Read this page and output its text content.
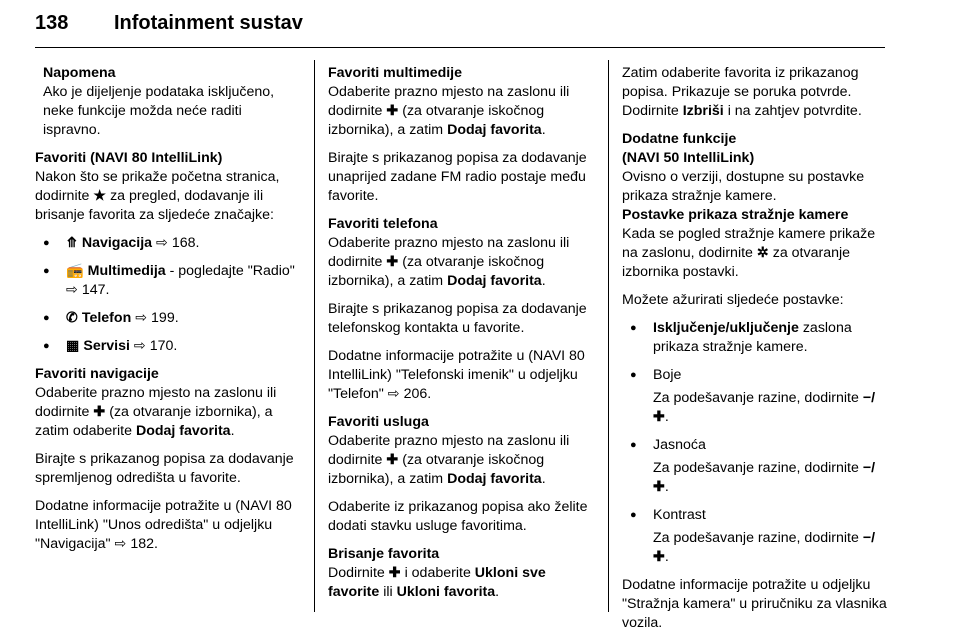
138 Infotainment sustav

Napomena

Ako je dijeljenje podataka isključeno, neke funkcije možda neće raditi ispravno.

Favoriti (NAVI 80 IntelliLink)

Nakon što se prikaže početna stranica, dodirnite ★ za pregled, dodavanje ili brisanje favorita za sljedeće značajke:

● ⤊ Navigacija ⇨ 168.
● 📻 Multimedija - pogledajte "Radio" ⇨ 147.
● ✆ Telefon ⇨ 199.
● ▦ Servisi ⇨ 170.

Favoriti navigacije

Odaberite prazno mjesto na zaslonu ili dodirnite ✚ (za otvaranje izbornika), a zatim odaberite Dodaj favorita.

Birajte s prikazanog popisa za dodavanje spremljenog odredišta u favorite.

Dodatne informacije potražite u (NAVI 80 IntelliLink) "Unos odredišta" u odjeljku "Navigacija" ⇨ 182.

Favoriti multimedije

Odaberite prazno mjesto na zaslonu ili dodirnite ✚ (za otvaranje iskočnog izbornika), a zatim Dodaj favorita.

Birajte s prikazanog popisa za dodavanje unaprijed zadane FM radio postaje među favorite.

Favoriti telefona

Odaberite prazno mjesto na zaslonu ili dodirnite ✚ (za otvaranje iskočnog izbornika), a zatim Dodaj favorita.

Birajte s prikazanog popisa za dodavanje telefonskog kontakta u favorite.

Dodatne informacije potražite u (NAVI 80 IntelliLink) "Telefonski imenik" u odjeljku "Telefon" ⇨ 206.

Favoriti usluga

Odaberite prazno mjesto na zaslonu ili dodirnite ✚ (za otvaranje iskočnog izbornika), a zatim Dodaj favorita.

Odaberite iz prikazanog popisa ako želite dodati stavku usluge favoritima.

Brisanje favorita

Dodirnite ✚ i odaberite Ukloni sve favorite ili Ukloni favorita.

Zatim odaberite favorita iz prikazanog popisa. Prikazuje se poruka potvrde. Dodirnite Izbriši i na zahtjev potvrdite.

Dodatne funkcije

(NAVI 50 IntelliLink)

Ovisno o verziji, dostupne su postavke prikaza stražnje kamere.

Postavke prikaza stražnje kamere

Kada se pogled stražnje kamere prikaže na zaslonu, dodirnite ✲ za otvaranje izbornika postavki.

Možete ažurirati sljedeće postavke:

● Isključenje/uključenje zaslona prikaza stražnje kamere.
● Boje
Za podešavanje razine, dodirnite −/✚.
● Jasnoća
Za podešavanje razine, dodirnite −/✚.
● Kontrast
Za podešavanje razine, dodirnite −/✚.

Dodatne informacije potražite u odjeljku "Stražnja kamera" u priručniku za vlasnika vozila.
